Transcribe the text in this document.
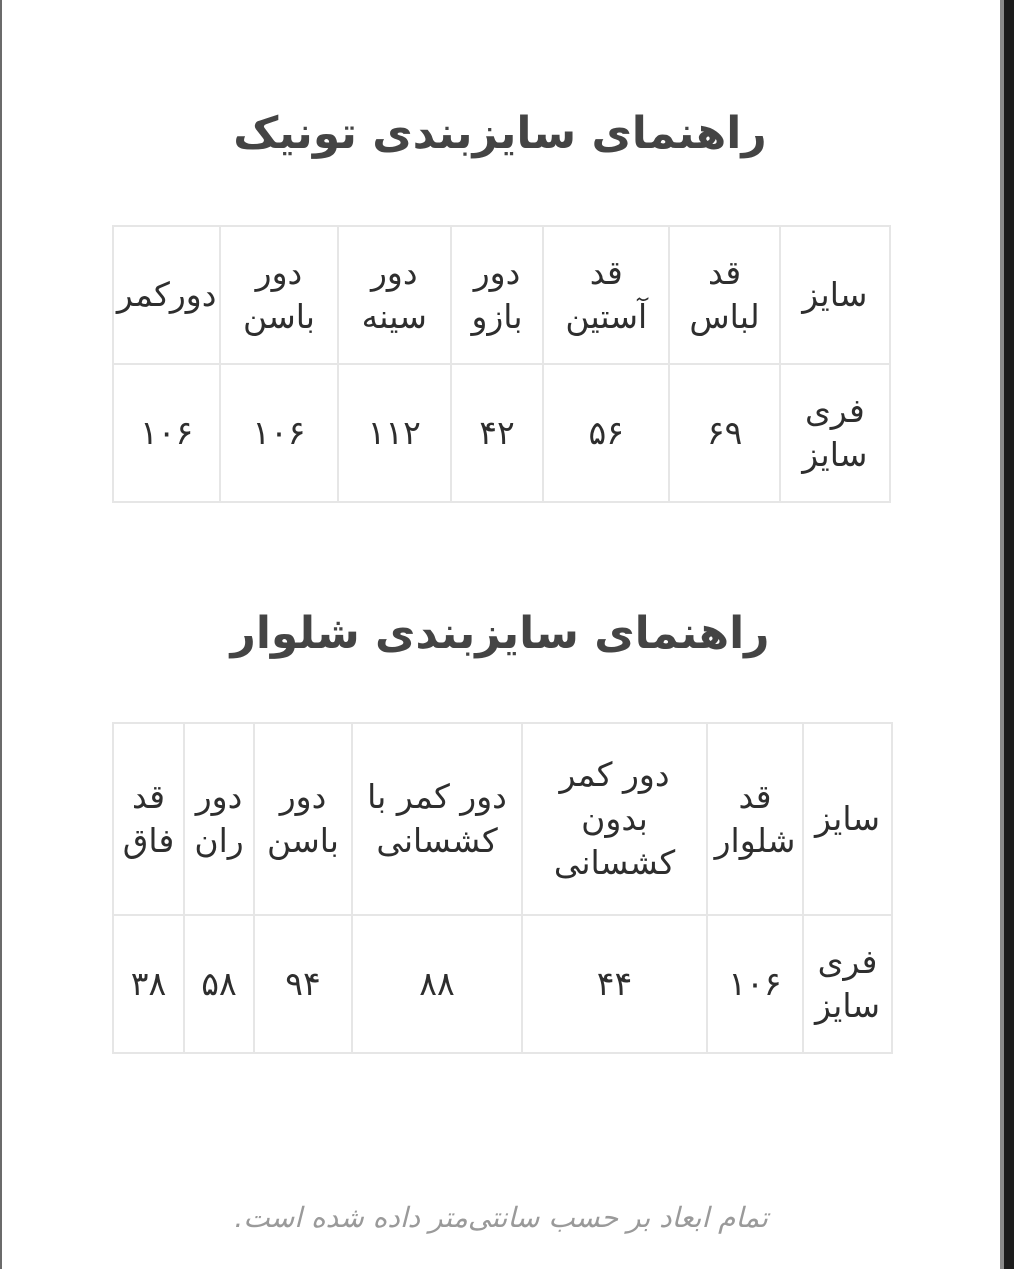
راهنمای سایزبندی تونیک
سایز	قد لباس	قد آستین	دور بازو	دور سینه	دور باسن	دورکمر
فری سایز	۶۹	۵۶	۴۲	۱۱۲	۱۰۶	۱۰۶
راهنمای سایزبندی شلوار
سایز	قد شلوار	دور کمر بدون کشسانی	دور کمر با کشسانی	دور باسن	دور ران	قد فاق
فری سایز	۱۰۶	۴۴	۸۸	۹۴	۵۸	۳۸

تمام ابعاد بر حسب سانتی‌متر داده شده است.
